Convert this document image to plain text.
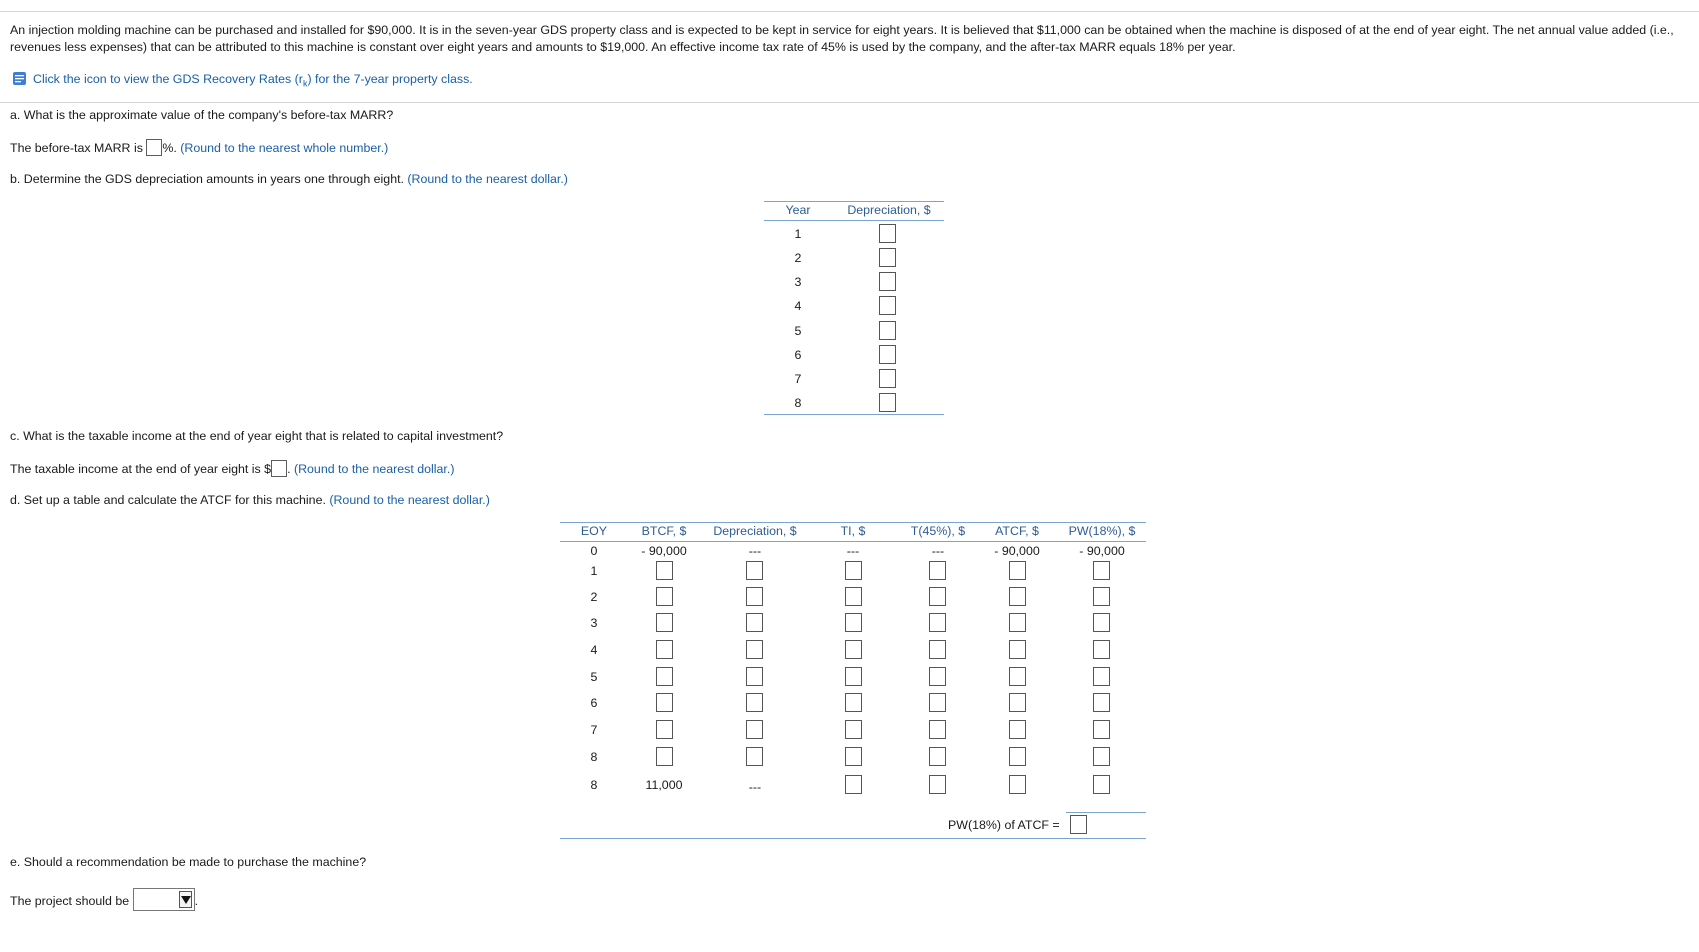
An injection molding machine can be purchased and installed for $90,000. It is in the seven-year GDS property class and is expected to be kept in service for eight years. It is believed that $11,000 can be obtained when the machine is disposed of at the end of year eight. The net annual value added (i.e., revenues less expenses) that can be attributed to this machine is constant over eight years and amounts to $19,000. An effective income tax rate of 45% is used by the company, and the after-tax MARR equals 18% per year.
Click the icon to view the GDS Recovery Rates $(r_k)$ for the 7-year property class.
a. What is the approximate value of the company's before-tax MARR?
The before-tax MARR is %. (Round to the nearest whole number.)
b. Determine the GDS depreciation amounts in years one through eight. (Round to the nearest dollar.)
Year	Depreciation, $
1
2
3
4
5
6
7
8
c. What is the taxable income at the end of year eight that is related to capital investment?
The taxable income at the end of year eight is $ . (Round to the nearest dollar.)
d. Set up a table and calculate the ATCF for this machine. (Round to the nearest dollar.)
EOY	BTCF, $	Depreciation, $	TI, $	T(45%), $	ATCF, $	PW(18%), $
0	- 90,000	---	---	---	- 90,000	- 90,000
1
2
3
4
5
6
7
8
8	11,000	---
PW(18%) of ATCF =
e. Should a recommendation be made to purchase the machine?
The project should be	.
